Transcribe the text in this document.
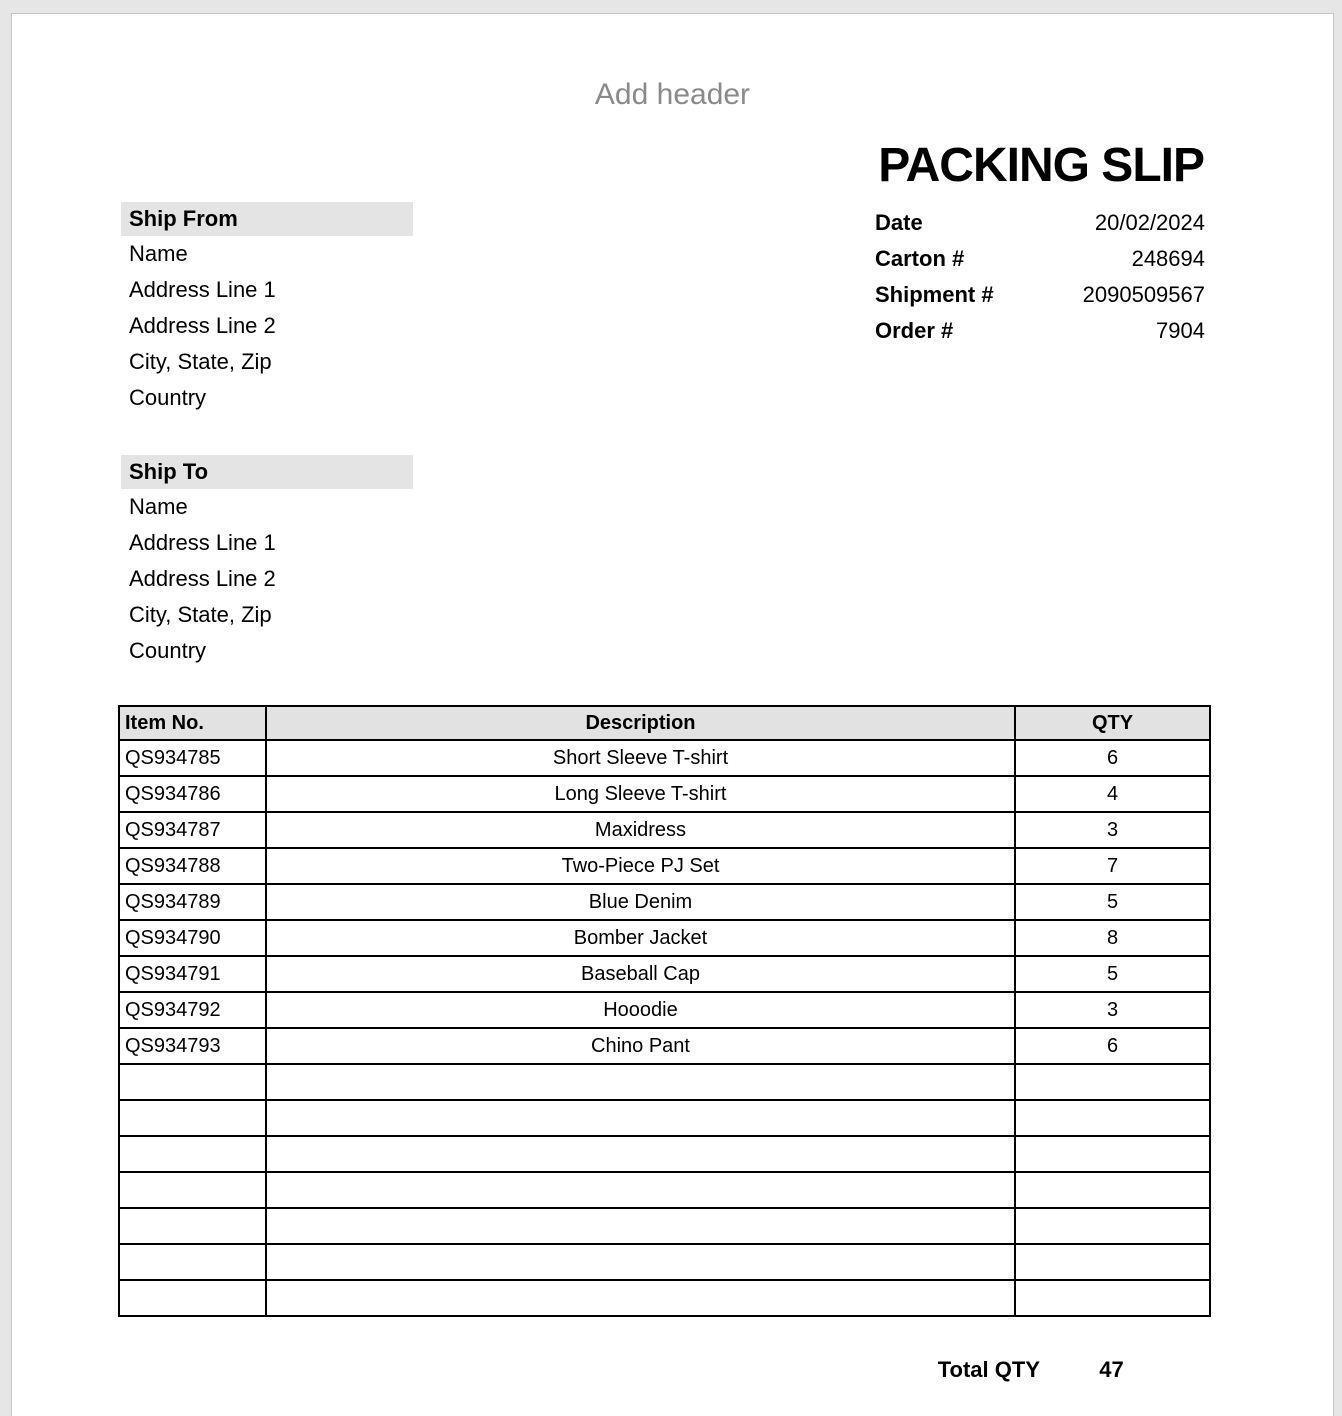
Add header
PACKING SLIP
Date	20/02/2024
Carton #	248694
Shipment #	2090509567
Order #	7904
Ship From
Name
Address Line 1
Address Line 2
City, State, Zip
Country
Ship To
Name
Address Line 1
Address Line 2
City, State, Zip
Country
Item No.	Description	QTY
QS934785	Short Sleeve T-shirt	6
QS934786	Long Sleeve T-shirt	4
QS934787	Maxidress	3
QS934788	Two-Piece PJ Set	7
QS934789	Blue Denim	5
QS934790	Bomber Jacket	8
QS934791	Baseball Cap	5
QS934792	Hooodie	3
QS934793	Chino Pant	6

Total QTY	47
